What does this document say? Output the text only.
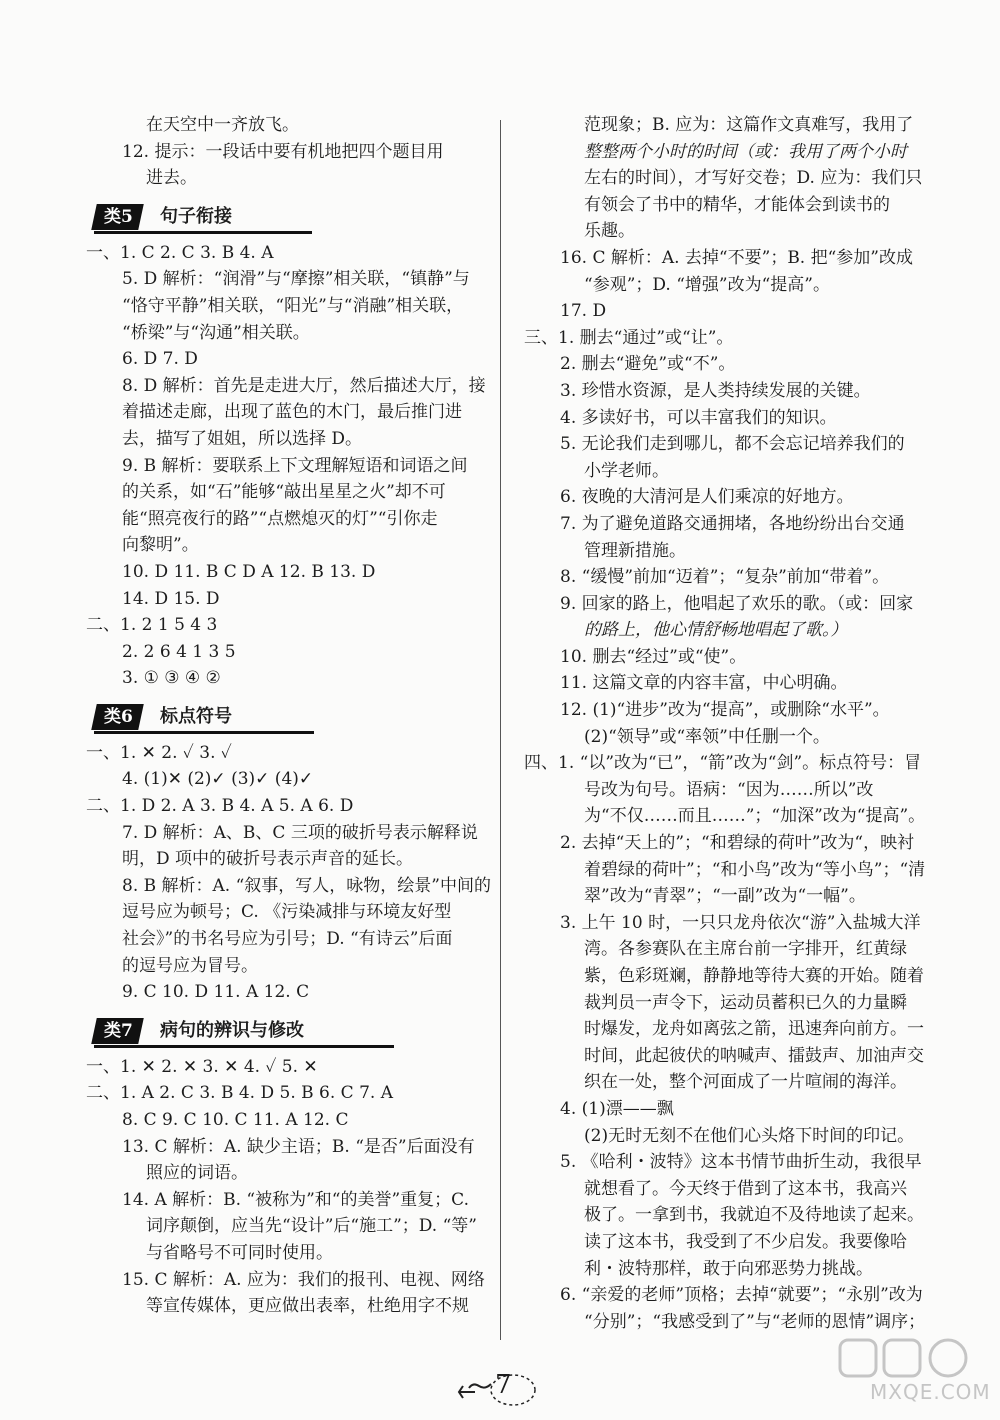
在天空中一齐放飞。
12. 提示：一段话中要有机地把四个题目用
进去。
类5	句子衔接
一、1. C 2. C 3. B 4. A
5. D 解析：“润滑”与“摩擦”相关联，“镇静”与
“恪守平静”相关联，“阳光”与“消融”相关联，
“桥梁”与“沟通”相关联。
6. D 7. D
8. D 解析：首先是走进大厅，然后描述大厅，接
着描述走廊，出现了蓝色的木门，最后推门进
去，描写了姐姐，所以选择 D。
9. B 解析：要联系上下文理解短语和词语之间
的关系，如“石”能够“敲出星星之火”却不可
能“照亮夜行的路”“点燃熄灭的灯”“引你走
向黎明”。
10. D 11. B C D A 12. B 13. D
14. D 15. D
二、1. 2 1 5 4 3
2. 2 6 4 1 3 5
3. ① ③ ④ ②
类6	标点符号
一、1. ✕ 2. ✓ 3. ✓
4. (1)✕ (2)✓ (3)✓ (4)✓
二、1. D 2. A 3. B 4. A 5. A 6. D
7. D 解析：A、B、C 三项的破折号表示解释说
明，D 项中的破折号表示声音的延长。
8. B 解析：A. “叙事，写人，咏物，绘景”中间的
逗号应为顿号；C. 《污染减排与环境友好型
社会》”的书名号应为引号；D. “有诗云”后面
的逗号应为冒号。
9. C 10. D 11. A 12. C
类7	病句的辨识与修改
一、1. ✕ 2. ✕ 3. ✕ 4. ✓ 5. ✕
二、1. A 2. C 3. B 4. D 5. B 6. C 7. A
8. C 9. C 10. C 11. A 12. C
13. C 解析：A. 缺少主语；B. “是否”后面没有
照应的词语。
14. A 解析：B. “被称为”和“的美誉”重复；C.
词序颠倒，应当先“设计”后“施工”；D. “等”
与省略号不可同时使用。
15. C 解析：A. 应为：我们的报刊、电视、网络
等宣传媒体，更应做出表率，杜绝用字不规
范现象；B. 应为：这篇作文真难写，我用了
整整两个小时的时间（或：我用了两个小时
左右的时间），才写好交卷；D. 应为：我们只
有领会了书中的精华，才能体会到读书的
乐趣。
16. C 解析：A. 去掉“不要”；B. 把“参加”改成
“参观”；D. “增强”改为“提高”。
17. D
三、1. 删去“通过”或“让”。
2. 删去“避免”或“不”。
3. 珍惜水资源，是人类持续发展的关键。
4. 多读好书，可以丰富我们的知识。
5. 无论我们走到哪儿，都不会忘记培养我们的
小学老师。
6. 夜晚的大清河是人们乘凉的好地方。
7. 为了避免道路交通拥堵，各地纷纷出台交通
管理新措施。
8. “缓慢”前加“迈着”；“复杂”前加“带着”。
9. 回家的路上，他唱起了欢乐的歌。（或：回家
的路上，他心情舒畅地唱起了歌。）
10. 删去“经过”或“使”。
11. 这篇文章的内容丰富，中心明确。
12. (1)“进步”改为“提高”，或删除“水平”。
(2)“领导”或“率领”中任删一个。
四、1. “以”改为“已”，“箭”改为“剑”。标点符号：冒
号改为句号。语病：“因为……所以”改
为“不仅……而且……”；“加深”改为“提高”。
2. 去掉“天上的”；“和碧绿的荷叶”改为“，映衬
着碧绿的荷叶”；“和小鸟”改为“等小鸟”；“清
翠”改为“青翠”；“一副”改为“一幅”。
3. 上午 10 时，一只只龙舟依次“游”入盐城大洋
湾。各参赛队在主席台前一字排开，红黄绿
紫，色彩斑斓，静静地等待大赛的开始。随着
裁判员一声令下，运动员蓄积已久的力量瞬
时爆发，龙舟如离弦之箭，迅速奔向前方。一
时间，此起彼伏的呐喊声、擂鼓声、加油声交
织在一处，整个河面成了一片喧闹的海洋。
4. (1)漂——飘
(2)无时无刻不在他们心头烙下时间的印记。
5. 《哈利・波特》这本书情节曲折生动，我很早
就想看了。今天终于借到了这本书，我高兴
极了。一拿到书，我就迫不及待地读了起来。
读了这本书，我受到了不少启发。我要像哈
利・波特那样，敢于向邪恶势力挑战。
6. “亲爱的老师”顶格；去掉“就要”；“永别”改为
“分别”；“我感受到了”与“老师的恩情”调序；
7	MXQE.COM
